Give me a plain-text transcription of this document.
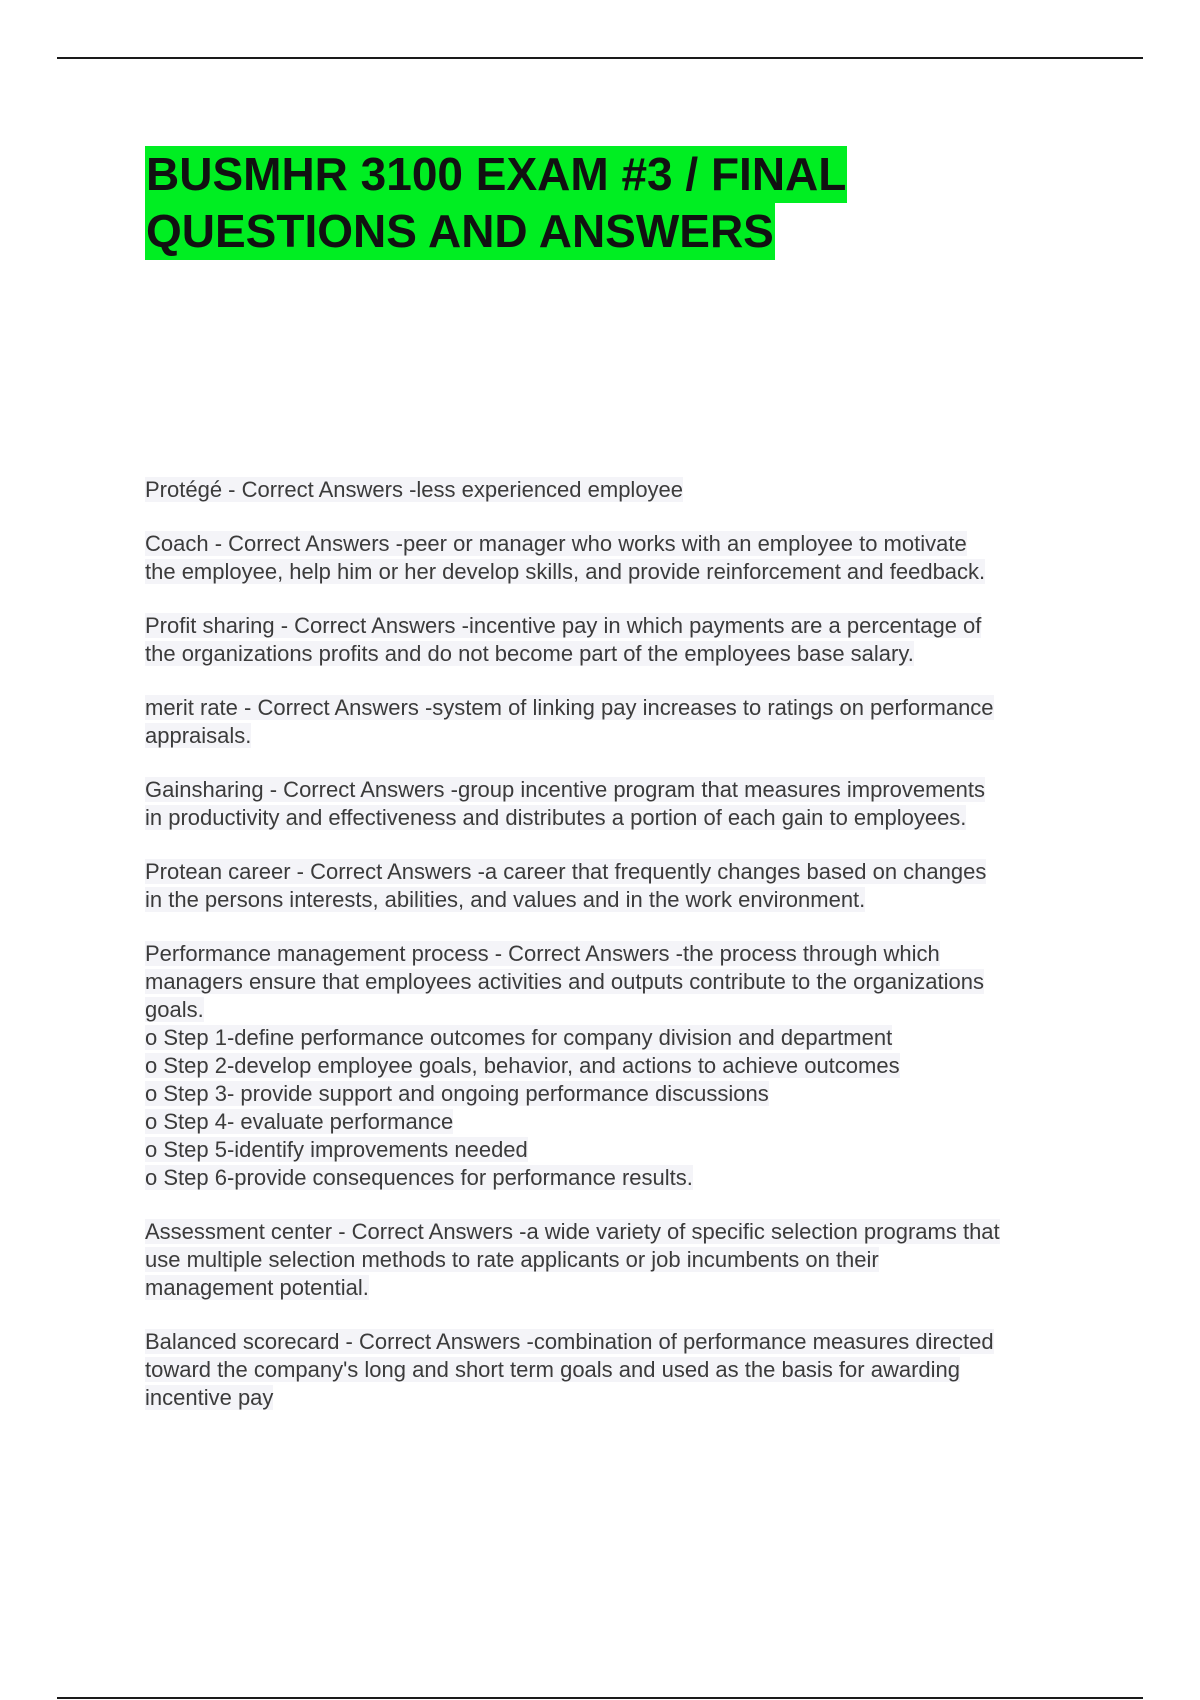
BUSMHR 3100 EXAM #3 / FINAL
QUESTIONS AND ANSWERS

Protégé - Correct Answers -less experienced employee

Coach - Correct Answers -peer or manager who works with an employee to motivate
the employee, help him or her develop skills, and provide reinforcement and feedback.

Profit sharing - Correct Answers -incentive pay in which payments are a percentage of
the organizations profits and do not become part of the employees base salary.

merit rate - Correct Answers -system of linking pay increases to ratings on performance
appraisals.

Gainsharing - Correct Answers -group incentive program that measures improvements
in productivity and effectiveness and distributes a portion of each gain to employees.

Protean career - Correct Answers -a career that frequently changes based on changes
in the persons interests, abilities, and values and in the work environment.

Performance management process - Correct Answers -the process through which
managers ensure that employees activities and outputs contribute to the organizations
goals.
o Step 1-define performance outcomes for company division and department
o Step 2-develop employee goals, behavior, and actions to achieve outcomes
o Step 3- provide support and ongoing performance discussions
o Step 4- evaluate performance
o Step 5-identify improvements needed
o Step 6-provide consequences for performance results.

Assessment center - Correct Answers -a wide variety of specific selection programs that
use multiple selection methods to rate applicants or job incumbents on their
management potential.

Balanced scorecard - Correct Answers -combination of performance measures directed
toward the company's long and short term goals and used as the basis for awarding
incentive pay
